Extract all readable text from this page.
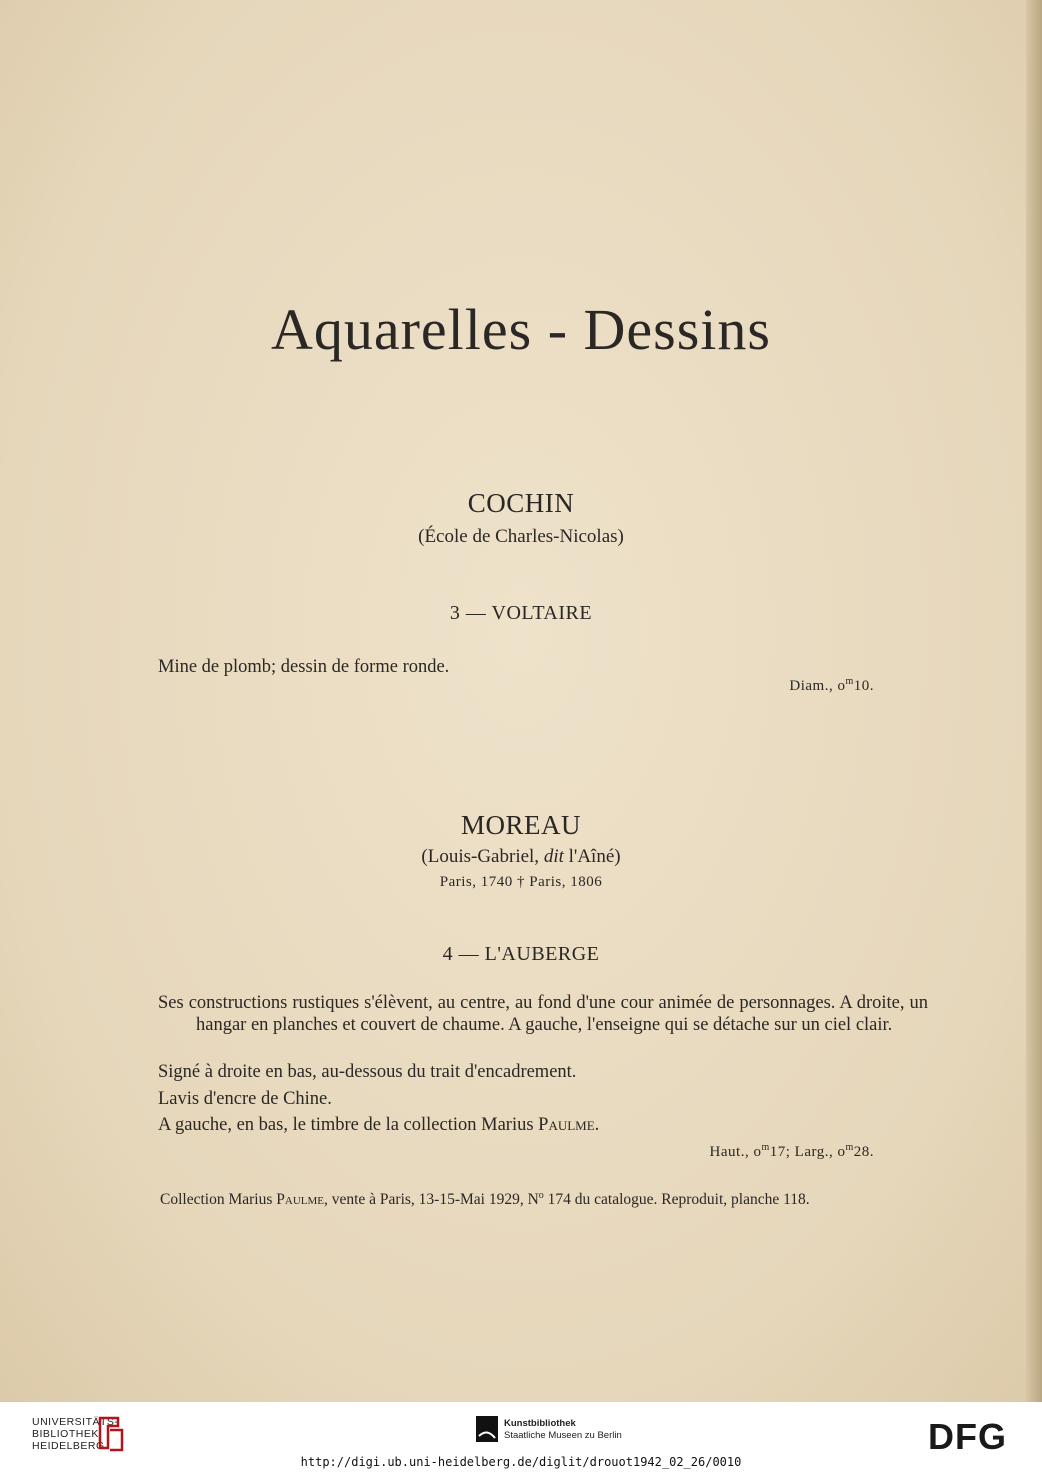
Aquarelles - Dessins
COCHIN
(École de Charles-Nicolas)
3 — VOLTAIRE
Mine de plomb; dessin de forme ronde.
Diam., $o^m10$.
MOREAU
(Louis-Gabriel, dit l'Aîné)
Paris, 1740 † Paris, 1806
4 — L'AUBERGE
Ses constructions rustiques s'élèvent, au centre, au fond d'une cour animée de personnages. A droite, un hangar en planches et couvert de chaume. A gauche, l'enseigne qui se détache sur un ciel clair.
Signé à droite en bas, au-dessous du trait d'encadrement.
Lavis d'encre de Chine.
A gauche, en bas, le timbre de la collection Marius Paulme.
Haut., $o^m17$; Larg., $o^m28$.
Collection Marius Paulme, vente à Paris, 13-15-Mai 1929, $N^o$ 174 du catalogue. Reproduit, planche 118.
UNIVERSITÄTS-
BIBLIOTHEK
HEIDELBERG
Kunstbibliothek
Staatliche Museen zu Berlin	DFG
http://digi.ub.uni-heidelberg.de/diglit/drouot1942_02_26/0010
